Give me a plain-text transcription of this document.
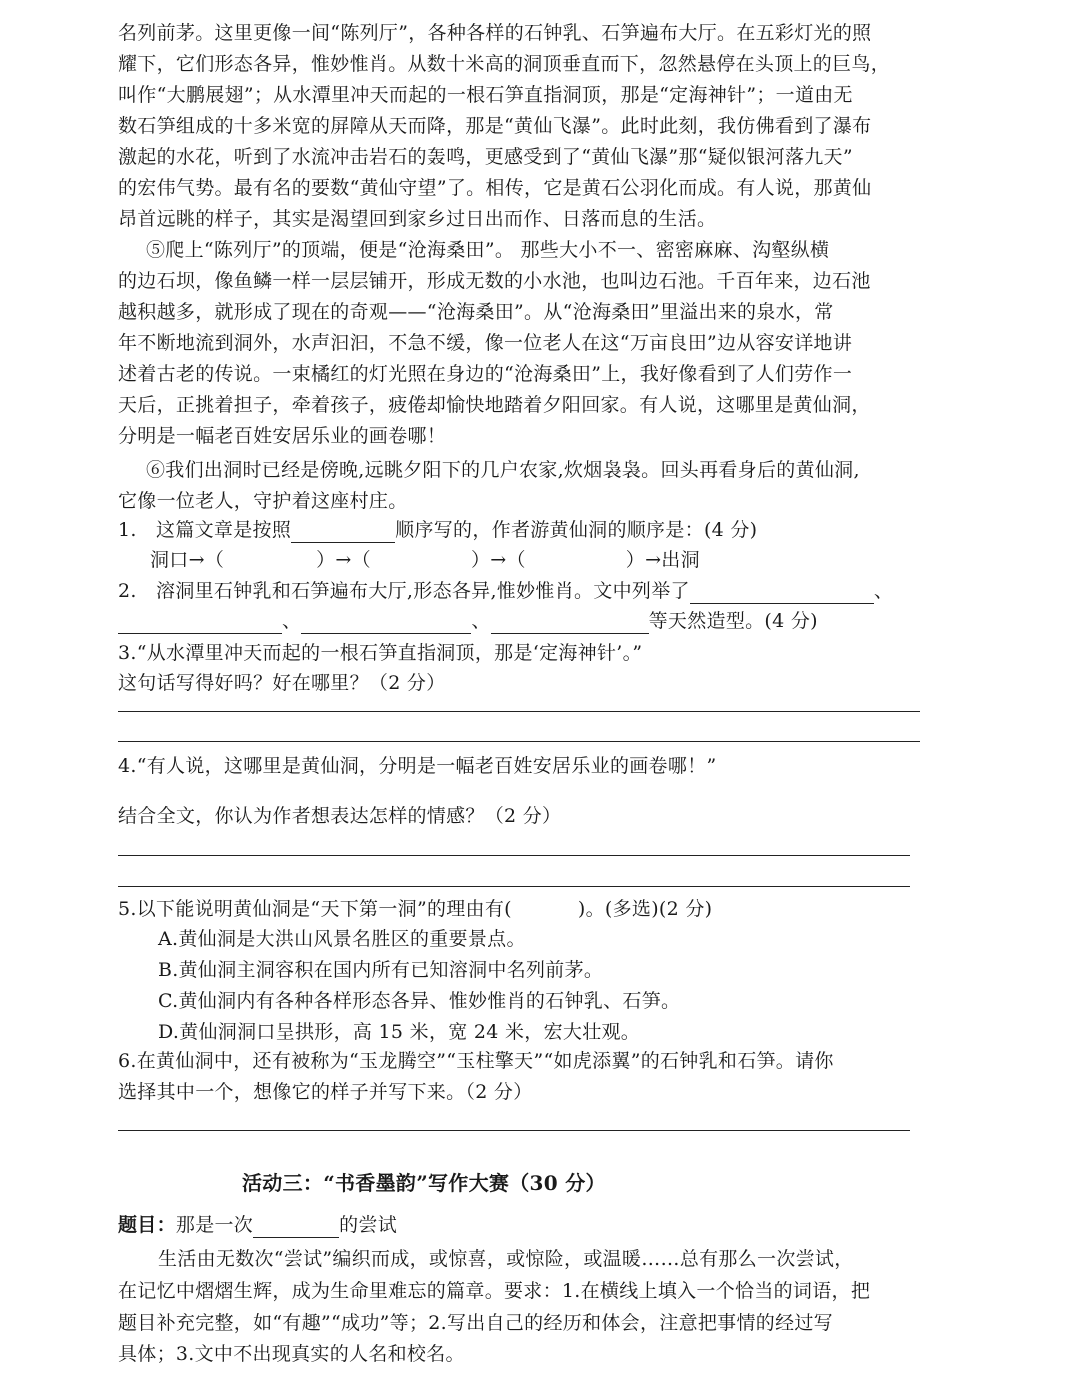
名列前茅。这里更像一间“陈列厅”，各种各样的石钟乳、石笋遍布大厅。在五彩灯光的照
耀下，它们形态各异，惟妙惟肖。从数十米高的洞顶垂直而下，忽然悬停在头顶上的巨鸟，
叫作“大鹏展翅”；从水潭里冲天而起的一根石笋直指洞顶，那是“定海神针”；一道由无
数石笋组成的十多米宽的屏障从天而降，那是“黄仙飞瀑”。此时此刻，我仿佛看到了瀑布
激起的水花，听到了水流冲击岩石的轰鸣，更感受到了“黄仙飞瀑”那“疑似银河落九天”
的宏伟气势。最有名的要数“黄仙守望”了。相传，它是黄石公羽化而成。有人说，那黄仙
昂首远眺的样子，其实是渴望回到家乡过日出而作、日落而息的生活。
⑤爬上“陈列厅”的顶端，便是“沧海桑田”。 那些大小不一、密密麻麻、沟壑纵横
的边石坝，像鱼鳞一样一层层铺开，形成无数的小水池，也叫边石池。千百年来，边石池
越积越多，就形成了现在的奇观——“沧海桑田”。从“沧海桑田”里溢出来的泉水，常
年不断地流到洞外，水声汩汩，不急不缓，像一位老人在这“万亩良田”边从容安详地讲
述着古老的传说。一束橘红的灯光照在身边的“沧海桑田”上，我好像看到了人们劳作一
天后，正挑着担子，牵着孩子，疲倦却愉快地踏着夕阳回家。有人说，这哪里是黄仙洞，
分明是一幅老百姓安居乐业的画卷哪！
⑥我们出洞时已经是傍晚,远眺夕阳下的几户农家,炊烟袅袅。回头再看身后的黄仙洞,
它像一位老人，守护着这座村庄。
1.　这篇文章是按照	顺序写的，作者游黄仙洞的顺序是：(4 分)
洞口→（	）→（	）→（	）→出洞
2.　溶洞里石钟乳和石笋遍布大厅,形态各异,惟妙惟肖。文中列举了	、
、	、	等天然造型。(4 分)
3.“从水潭里冲天而起的一根石笋直指洞顶，那是‘定海神针’。”
这句话写得好吗？好在哪里？（2 分）
4.“有人说，这哪里是黄仙洞，分明是一幅老百姓安居乐业的画卷哪！”
结合全文，你认为作者想表达怎样的情感？（2 分）
5.以下能说明黄仙洞是“天下第一洞”的理由有(	)。(多选)(2 分)
A.黄仙洞是大洪山风景名胜区的重要景点。
B.黄仙洞主洞容积在国内所有已知溶洞中名列前茅。
C.黄仙洞内有各种各样形态各异、惟妙惟肖的石钟乳、石笋。
D.黄仙洞洞口呈拱形，高 15 米，宽 24 米，宏大壮观。
6.在黄仙洞中，还有被称为“玉龙腾空”“玉柱擎天”“如虎添翼”的石钟乳和石笋。请你
选择其中一个，想像它的样子并写下来。（2 分）
活动三：“书香墨韵”写作大赛（30 分）
题目：那是一次	的尝试
生活由无数次“尝试”编织而成，或惊喜，或惊险，或温暖……总有那么一次尝试，
在记忆中熠熠生辉，成为生命里难忘的篇章。要求：1.在横线上填入一个恰当的词语，把
题目补充完整，如“有趣”“成功”等；2.写出自己的经历和体会，注意把事情的经过写
具体；3.文中不出现真实的人名和校名。
